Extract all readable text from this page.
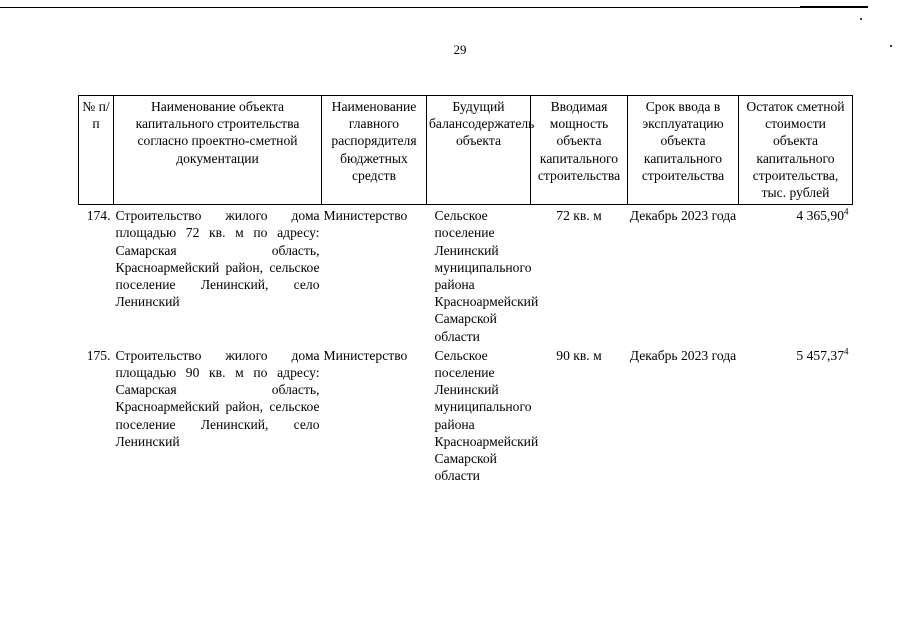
29
№ п/п	Наименование объекта капитального строительства согласно проектно-сметной документации	Наименование главного распорядителя бюджетных средств	Будущий балансодержатель объекта	Вводимая мощность объекта капитального строительства	Срок ввода в эксплуатацию объекта капитального строительства	Остаток сметной стоимости объекта капитального строительства, тыс. рублей
174.	Строительство жилого дома площадью 72 кв. м по адресу: Самарская область, Красноармейский район, сельское поселение Ленинский, село Ленинский	Министерство	Сельское поселение Ленинский муниципального района Красноармейский Самарской области	72 кв. м	Декабрь 2023 года	4 365,90$^4$
175.	Строительство жилого дома площадью 90 кв. м по адресу: Самарская область, Красноармейский район, сельское поселение Ленинский, село Ленинский	Министерство	Сельское поселение Ленинский муниципального района Красноармейский Самарской области	90 кв. м	Декабрь 2023 года	5 457,37$^4$
